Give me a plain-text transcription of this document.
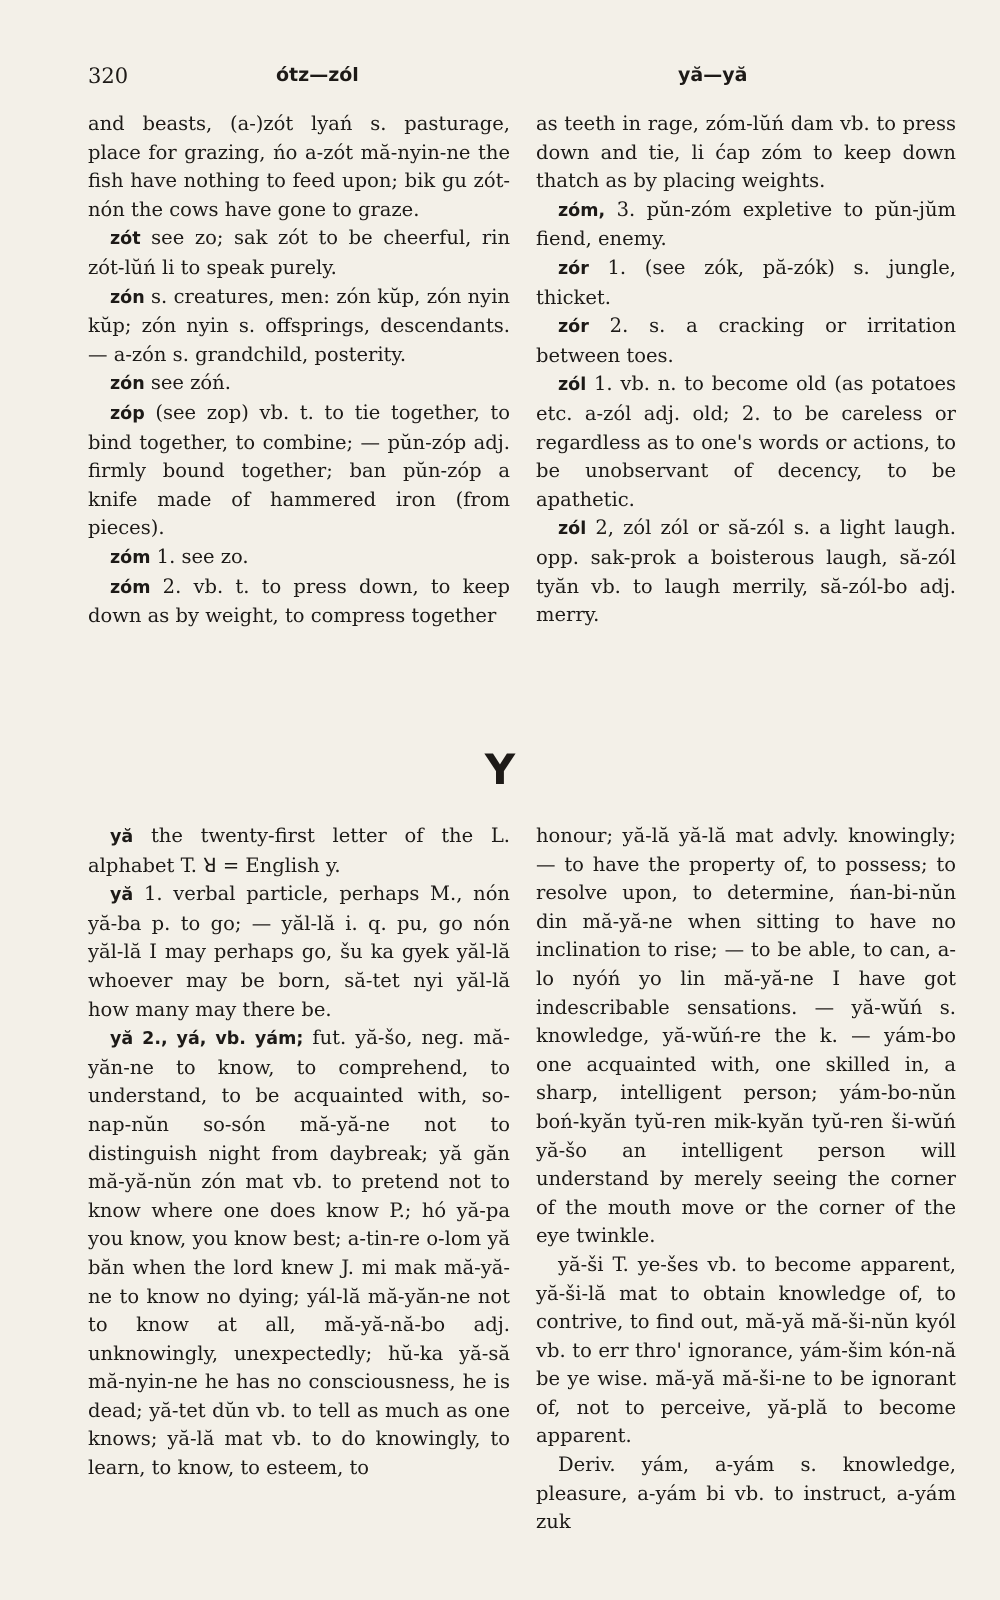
320	ótz—zól	yă—yă

and beasts, (a-)zót lyań s. pasturage, place for grazing, ńo a-zót mă-nyin-ne the fish have nothing to feed upon; bik gu zót-nón the cows have gone to graze.

zót see zo; sak zót to be cheerful, rin zót-lŭń li to speak purely.

zón s. creatures, men: zón kŭp, zón nyin kŭp; zón nyin s. offsprings, descendants. — a-zón s. grandchild, posterity.

zón see zóń.

zóp (see zop) vb. t. to tie together, to bind together, to combine; — pŭn-zóp adj. firmly bound together; ban pŭn-zóp a knife made of hammered iron (from pieces).

zóm 1. see zo.

zóm 2. vb. t. to press down, to keep down as by weight, to compress together

as teeth in rage, zóm-lŭń dam vb. to press down and tie, li ćap zóm to keep down thatch as by placing weights.

zóm, 3. pŭn-zóm expletive to pŭn-jŭm fiend, enemy.

zór 1. (see zók, pă-zók) s. jungle, thicket.

zór 2. s. a cracking or irritation between toes.

zól 1. vb. n. to become old (as potatoes etc. a-zól adj. old; 2. to be careless or regardless as to one's words or actions, to be unobservant of decency, to be apathetic.

zól 2, zól zól or să-zól s. a light laugh. opp. sak-prok a boisterous laugh, să-zól tyăn vb. to laugh merrily, să-zól-bo adj. merry.

Y

yă the twenty-first letter of the L. alphabet T. ꓤ = English y.

yă 1. verbal particle, perhaps M., nón yă-ba p. to go; — yăl-lă i. q. pu, go nón yăl-lă I may perhaps go, šu ka gyek yăl-lă whoever may be born, să-tet nyi yăl-lă how many may there be.

yă 2., yá, vb. yám; fut. yă-šo, neg. mă-yăn-ne to know, to comprehend, to understand, to be acquainted with, so-nap-nŭn so-són mă-yă-ne not to distinguish night from daybreak; yă găn mă-yă-nŭn zón mat vb. to pretend not to know where one does know P.; hó yă-pa you know, you know best; a-tin-re o-lom yă băn when the lord knew J. mi mak mă-yă-ne to know no dying; yál-lă mă-yăn-ne not to know at all, mă-yă-nă-bo adj. unknowingly, unexpectedly; hŭ-ka yă-să mă-nyin-ne he has no consciousness, he is dead; yă-tet dŭn vb. to tell as much as one knows; yă-lă mat vb. to do knowingly, to learn, to know, to esteem, to

honour; yă-lă yă-lă mat advly. knowingly; — to have the property of, to possess; to resolve upon, to determine, ńan-bi-nŭn din mă-yă-ne when sitting to have no inclination to rise; — to be able, to can, a-lo nyóń yo lin mă-yă-ne I have got indescribable sensations. — yă-wŭń s. knowledge, yă-wŭń-re the k. — yám-bo one acquainted with, one skilled in, a sharp, intelligent person; yám-bo-nŭn boń-kyăn tyŭ-ren mik-kyăn tyŭ-ren ši-wŭń yă-šo an intelligent person will understand by merely seeing the corner of the mouth move or the corner of the eye twinkle.

yă-ši T. ye-šes vb. to become apparent, yă-ši-lă mat to obtain knowledge of, to contrive, to find out, mă-yă mă-ši-nŭn kyól vb. to err thro' ignorance, yám-šim kón-nă be ye wise. mă-yă mă-ši-ne to be ignorant of, not to perceive, yă-plă to become apparent.

Deriv. yám, a-yám s. knowledge, pleasure, a-yám bi vb. to instruct, a-yám zuk
